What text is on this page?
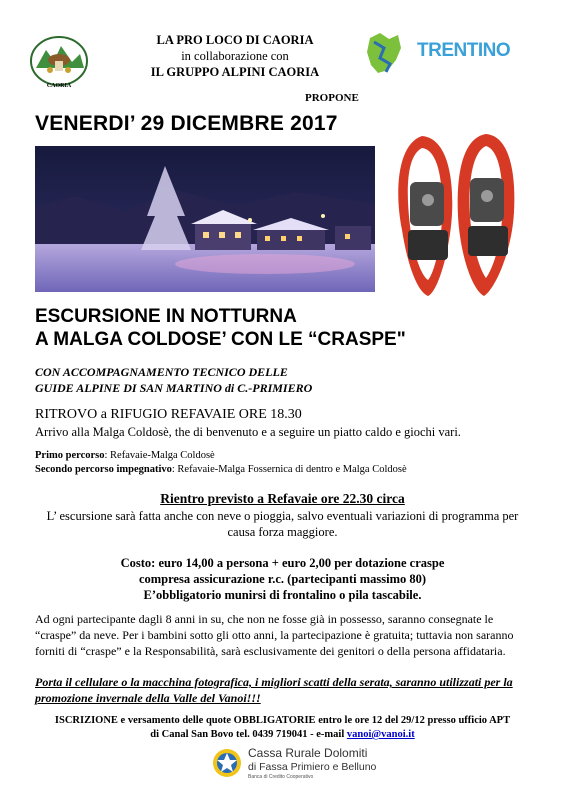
CAORIA
LA PRO LOCO DI CAORIA
in collaborazione con
IL GRUPPO ALPINI CAORIA
PROPONE
TRENTINO
VENERDI’ 29 DICEMBRE 2017
ESCURSIONE IN NOTTURNA
A MALGA COLDOSE’ CON LE “CRASPE"
CON ACCOMPAGNAMENTO TECNICO DELLE
GUIDE ALPINE DI SAN MARTINO di C.-PRIMIERO
RITROVO a RIFUGIO REFAVAIE ORE 18.30
Arrivo alla Malga Coldosè, the di benvenuto e a seguire un piatto caldo e giochi vari.
Primo percorso: Refavaie-Malga Coldosè
Secondo percorso impegnativo: Refavaie-Malga Fossernica di dentro e Malga Coldosè
Rientro previsto a Refavaie ore 22.30 circa
L’ escursione sarà fatta anche con neve o pioggia, salvo eventuali variazioni di programma per causa forza maggiore.
Costo: euro 14,00 a persona + euro 2,00 per dotazione craspe
compresa assicurazione r.c. (partecipanti massimo 80)
E’obbligatorio munirsi di frontalino o pila tascabile.
Ad ogni partecipante dagli 8 anni in su, che non ne fosse già in possesso, saranno consegnate le “craspe” da neve. Per i bambini sotto gli otto anni, la partecipazione è gratuita; tuttavia non saranno forniti di “craspe” e la Responsabilità, sarà esclusivamente dei genitori o della persona affidataria.
Porta il cellulare o la macchina fotografica, i migliori scatti della serata, saranno utilizzati per la promozione invernale della Valle del Vanoi!!!
ISCRIZIONE e versamento delle quote OBBLIGATORIE entro le ore 12 del 29/12 presso ufficio APT
di Canal San Bovo tel. 0439 719041 - e-mail vanoi@vanoi.it
Cassa Rurale Dolomiti
di Fassa Primiero e Belluno
Banca di Credito Cooperativo
